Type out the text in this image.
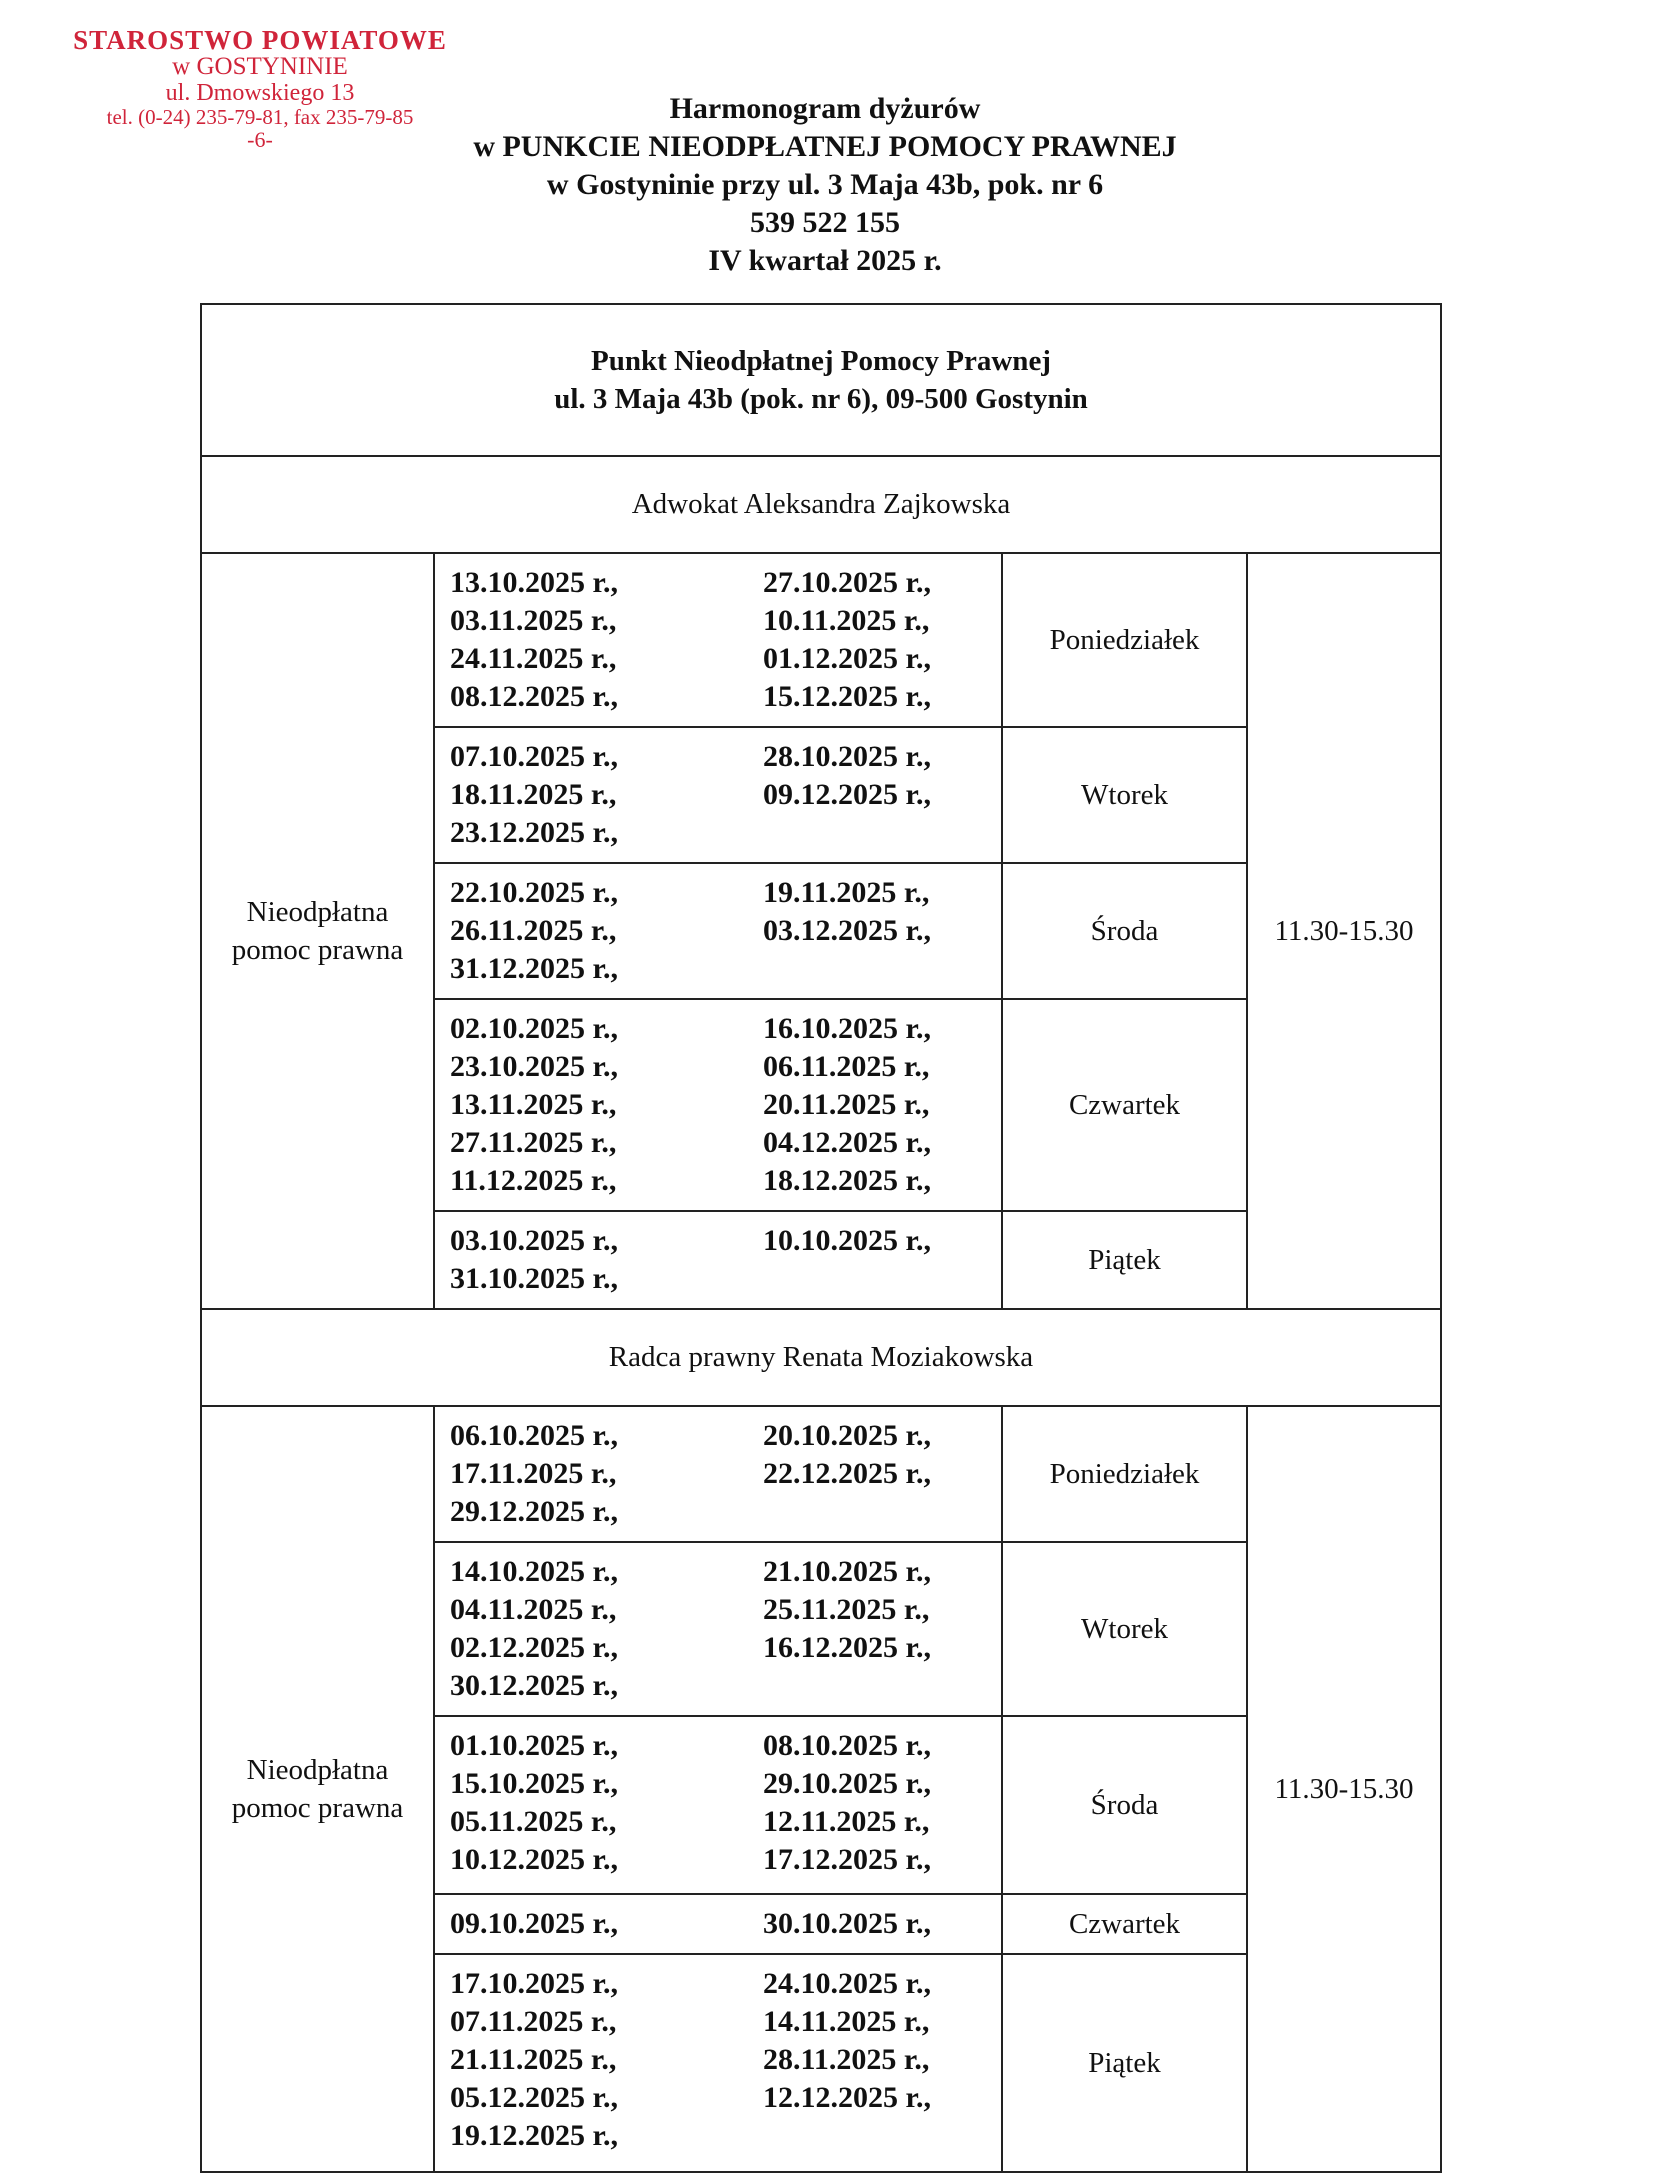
STAROSTWO POWIATOWE
w GOSTYNINIE
ul. Dmowskiego 13
tel. (0-24) 235-79-81, fax 235-79-85
-6-
Harmonogram dyżurów
w PUNKCIE NIEODPŁATNEJ POMOCY PRAWNEJ
w Gostyninie przy ul. 3 Maja 43b, pok. nr 6
539 522 155
IV kwartał 2025 r.
Punkt Nieodpłatnej Pomocy Prawnej
ul. 3 Maja 43b (pok. nr 6), 09-500 Gostynin			

Adwokat Aleksandra Zajkowska			

Nieodpłatna
pomoc prawna

13.10.2025 r.,	27.10.2025 r.,
03.11.2025 r.,	10.11.2025 r.,
24.11.2025 r.,	01.12.2025 r.,
08.12.2025 r.,	15.12.2025 r.,
	Poniedziałek	11.30-15.30

	07.10.2025 r., 28.10.2025 r.,
18.11.2025 r., 09.12.2025 r.,
23.12.2025 r.,	Wtorek	

	22.10.2025 r., 19.11.2025 r.,
26.11.2025 r., 03.12.2025 r.,
31.12.2025 r.,	Środa	

02.10.2025 r.,	16.10.2025 r.,
23.10.2025 r.,	06.11.2025 r.,
13.11.2025 r.,	20.11.2025 r.,
27.11.2025 r.,	04.12.2025 r.,
11.12.2025 r.,	18.12.2025 r.,
	Czwartek

	03.10.2025 r., 10.10.2025 r.,
31.10.2025 r.,	Piątek	
Radca prawny Renata Moziakowska			

Nieodpłatna
pomoc prawna

06.10.2025 r.,	20.10.2025 r.,
17.11.2025 r.,	22.12.2025 r.,
29.12.2025 r.,
	Poniedziałek	11.30-15.30

14.10.2025 r.,	21.10.2025 r.,
04.11.2025 r.,	25.11.2025 r.,
02.12.2025 r.,	16.12.2025 r.,
30.12.2025 r.,
	Wtorek

01.10.2025 r.,	08.10.2025 r.,
15.10.2025 r.,	29.10.2025 r.,
05.11.2025 r.,	12.11.2025 r.,
10.12.2025 r.,	17.12.2025 r.,
	Środa

	09.10.2025 r., 30.10.2025 r.,	Czwartek	

17.10.2025 r.,	24.10.2025 r.,
07.11.2025 r.,	14.11.2025 r.,
21.11.2025 r.,	28.11.2025 r.,
05.12.2025 r.,	12.12.2025 r.,
19.12.2025 r.,
	Piątek
